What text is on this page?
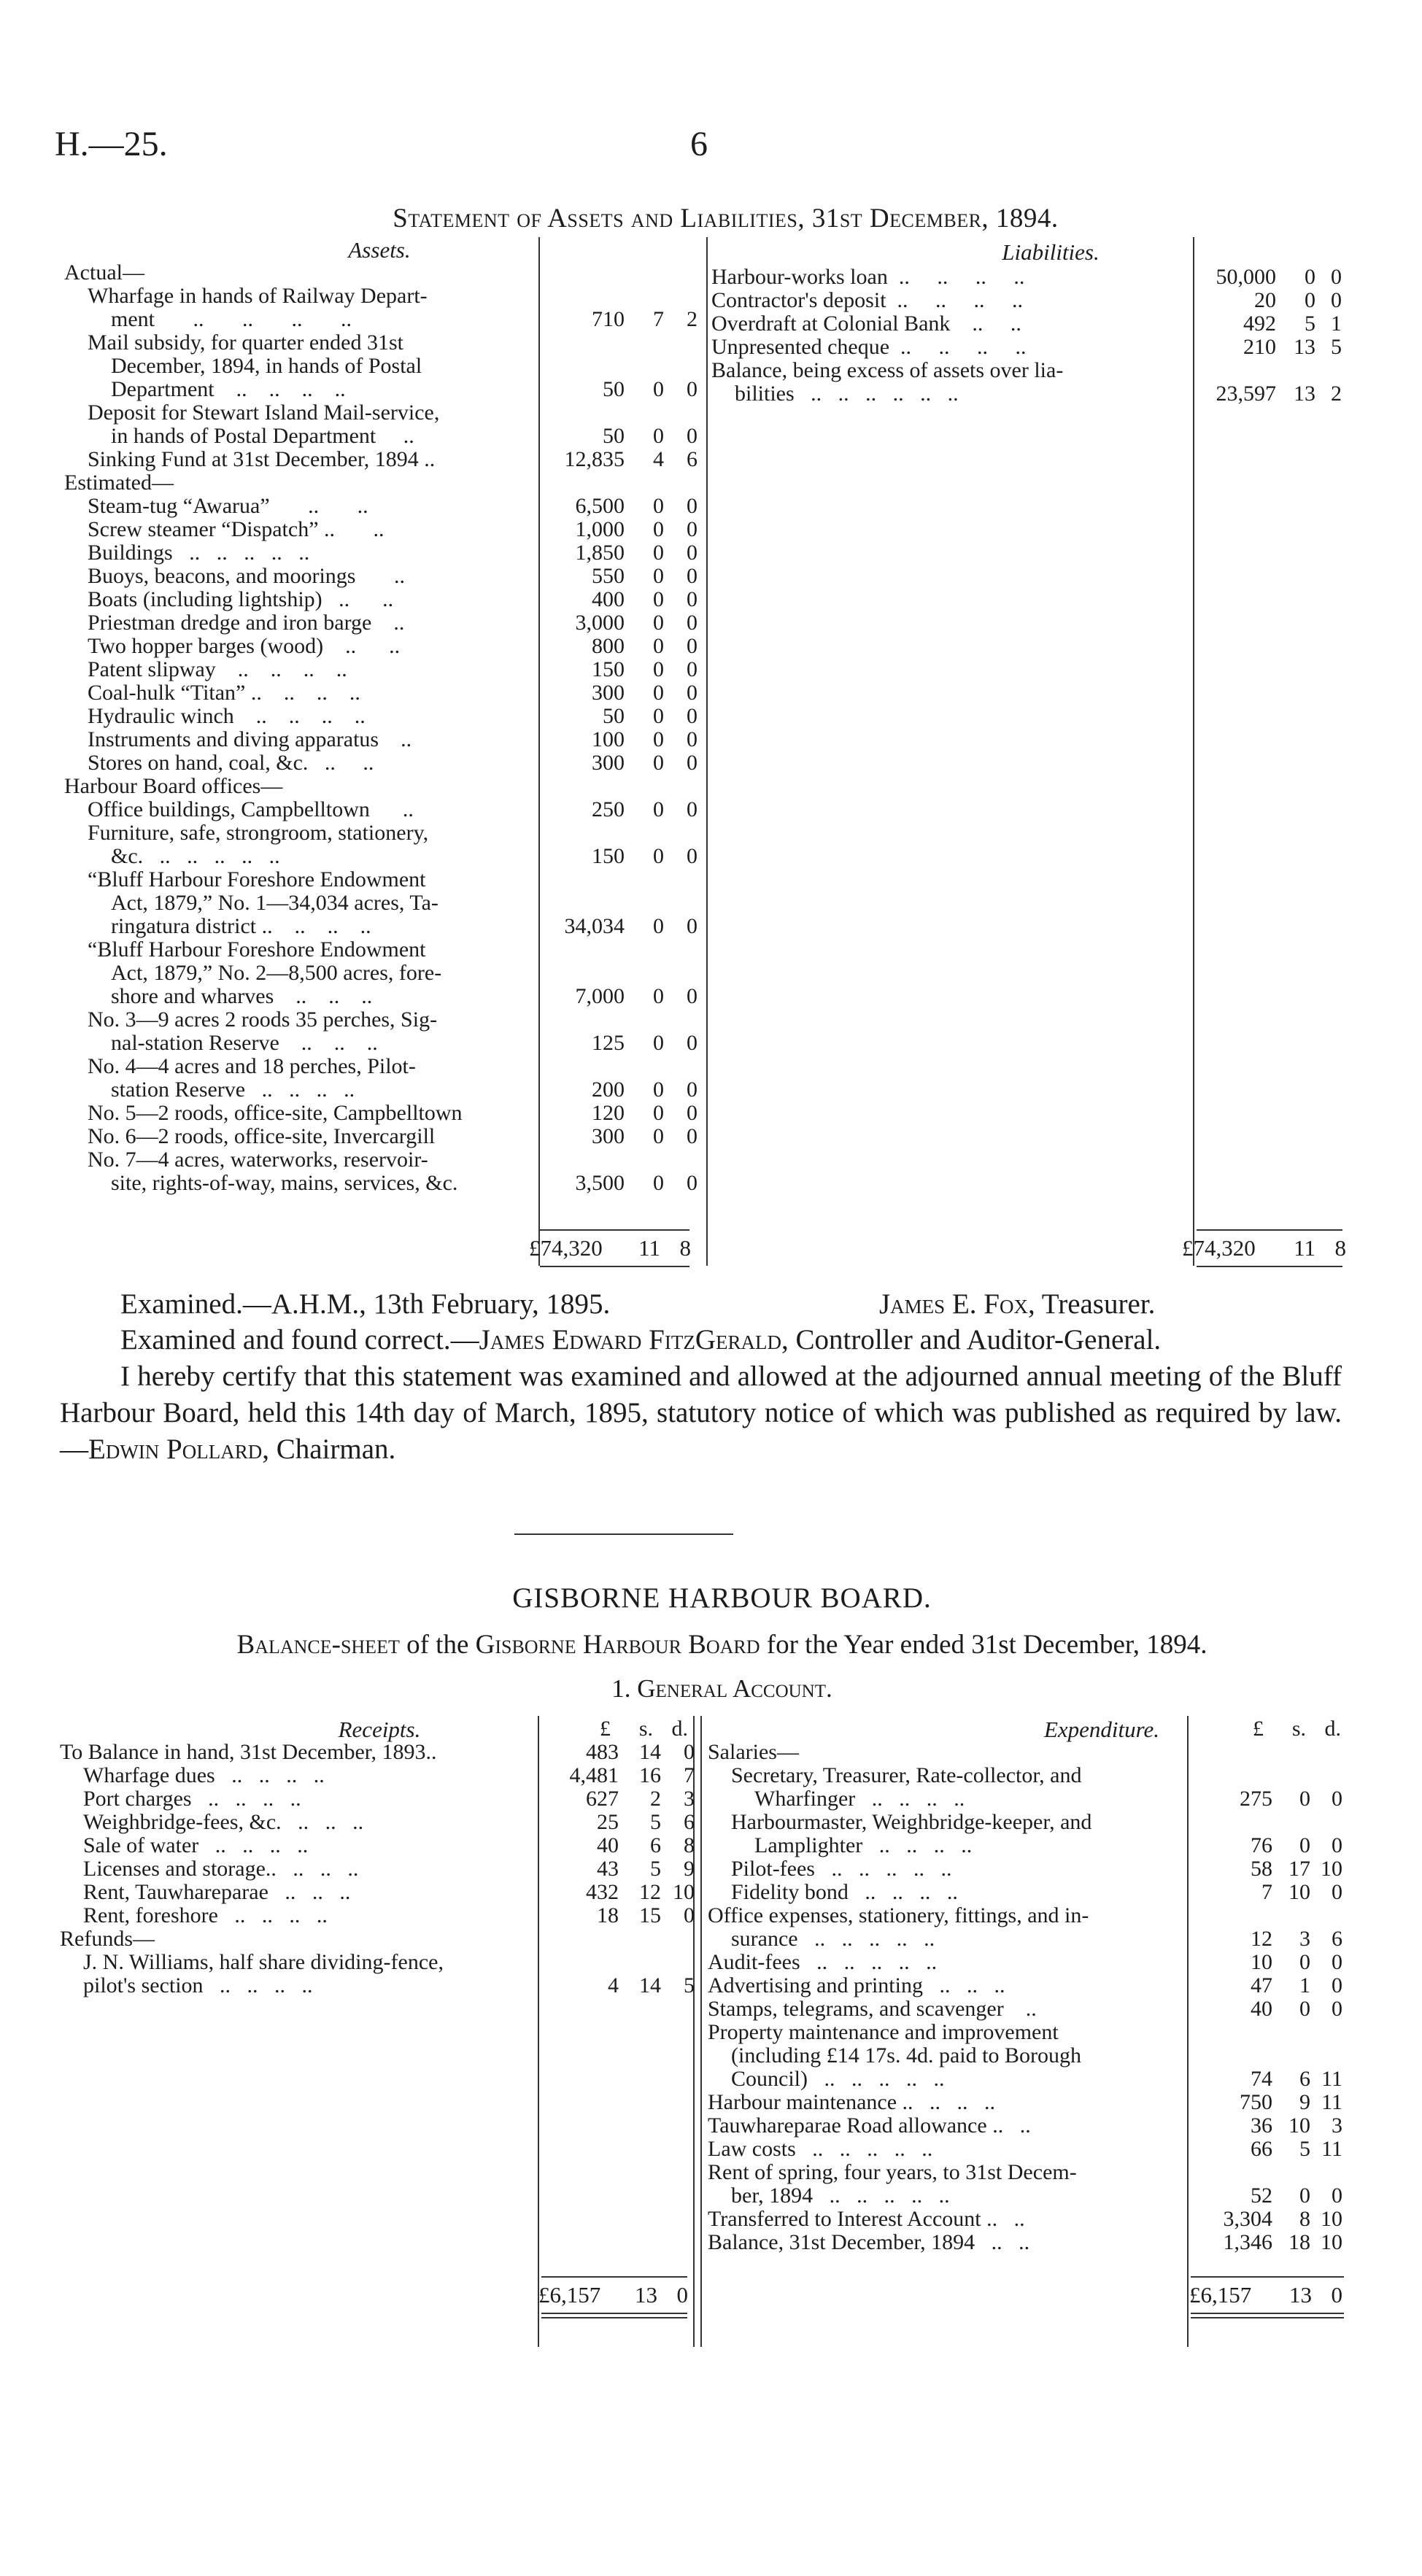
H.—25.	6
Statement of Assets and Liabilities, 31st December, 1894.
Assets.	Liabilities.
Actual—			
Wharfage in hands of Railway Depart-			
ment       ..       ..       ..       ..	710	7	2
Mail subsidy, for quarter ended 31st			
December, 1894, in hands of Postal			
Department    ..    ..    ..    ..	50	0	0
Deposit for Stewart Island Mail-service,			
in hands of Postal Department     ..	50	0	0
Sinking Fund at 31st December, 1894 ..	12,835	4	6
Estimated—			
Steam-tug “Awarua”       ..       ..	6,500	0	0
Screw steamer “Dispatch” ..       ..	1,000	0	0
Buildings   ..   ..   ..   ..   ..	1,850	0	0
Buoys, beacons, and moorings       ..	550	0	0
Boats (including lightship)   ..      ..	400	0	0
Priestman dredge and iron barge    ..	3,000	0	0
Two hopper barges (wood)    ..      ..	800	0	0
Patent slipway    ..    ..    ..    ..	150	0	0
Coal-hulk “Titan” ..    ..    ..    ..	300	0	0
Hydraulic winch    ..    ..    ..    ..	50	0	0
Instruments and diving apparatus    ..	100	0	0
Stores on hand, coal, &c.   ..     ..	300	0	0
Harbour Board offices—			
Office buildings, Campbelltown      ..	250	0	0
Furniture, safe, strongroom, stationery,			
&c.   ..   ..   ..   ..   ..	150	0	0
“Bluff Harbour Foreshore Endowment			
Act, 1879,” No. 1—34,034 acres, Ta-			
ringatura district ..    ..    ..    ..	34,034	0	0
“Bluff Harbour Foreshore Endowment			
Act, 1879,” No. 2—8,500 acres, fore-			
shore and wharves    ..    ..    ..	7,000	0	0
No. 3—9 acres 2 roods 35 perches, Sig-			
nal-station Reserve    ..    ..    ..	125	0	0
No. 4—4 acres and 18 perches, Pilot-			
station Reserve   ..   ..   ..   ..	200	0	0
No. 5—2 roods, office-site, Campbelltown	120	0	0
No. 6—2 roods, office-site, Invercargill	300	0	0
No. 7—4 acres, waterworks, reservoir-			
site, rights-of-way, mains, services, &c.	3,500	0	0
£74,320	11 8
Harbour-works loan  ..     ..     ..     ..	50,000	0	0
Contractor's deposit  ..     ..     ..     ..	20	0	0
Overdraft at Colonial Bank    ..     ..	492	5	1
Unpresented cheque  ..     ..     ..     ..	210	13	5
Balance, being excess of assets over lia-			
bilities   ..   ..   ..   ..   ..   ..	23,597	13	2
£74,320	11 8
Examined.—A.H.M., 13th February, 1895.	James E. Fox, Treasurer.
Examined and found correct.—James Edward FitzGerald, Controller and Auditor-General.
I hereby certify that this statement was examined and allowed at the adjourned annual meeting of the Bluff Harbour Board, held this 14th day of March, 1895, statutory notice of which was published as required by law.—Edwin Pollard, Chairman.
GISBORNE HARBOUR BOARD.
Balance-sheet of the Gisborne Harbour Board for the Year ended 31st December, 1894.
1. General Account.
Receipts.	Expenditure.
£	s. d.	£	s. d.
To Balance in hand, 31st December, 1893..	483	14	0
Wharfage dues   ..   ..   ..   ..	4,481	16	7
Port charges   ..   ..   ..   ..	627	2	3
Weighbridge-fees, &c.   ..   ..   ..	25	5	6
Sale of water   ..   ..   ..   ..	40	6	8
Licenses and storage..   ..   ..   ..	43	5	9
Rent, Tauwhareparae   ..   ..   ..	432	12	10
Rent, foreshore   ..   ..   ..   ..	18	15	0
Refunds—			
J. N. Williams, half share dividing-fence,			
pilot's section   ..   ..   ..   ..	4	14	5
£6,157	13 0
Salaries—			
Secretary, Treasurer, Rate-collector, and			
Wharfinger   ..   ..   ..   ..	275	0	0
Harbourmaster, Weighbridge-keeper, and			
Lamplighter   ..   ..   ..   ..	76	0	0
Pilot-fees   ..   ..   ..   ..   ..	58	17	10
Fidelity bond   ..   ..   ..   ..	7	10	0
Office expenses, stationery, fittings, and in-			
surance   ..   ..   ..   ..   ..	12	3	6
Audit-fees   ..   ..   ..   ..   ..	10	0	0
Advertising and printing   ..   ..   ..	47	1	0
Stamps, telegrams, and scavenger    ..	40	0	0
Property maintenance and improvement			
(including £14 17s. 4d. paid to Borough			
Council)   ..   ..   ..   ..   ..	74	6	11
Harbour maintenance ..   ..   ..   ..	750	9	11
Tauwhareparae Road allowance ..   ..	36	10	3
Law costs   ..   ..   ..   ..   ..	66	5	11
Rent of spring, four years, to 31st Decem-			
ber, 1894   ..   ..   ..   ..   ..	52	0	0
Transferred to Interest Account ..   ..	3,304	8	10
Balance, 31st December, 1894   ..   ..	1,346	18	10
£6,157	13 0
